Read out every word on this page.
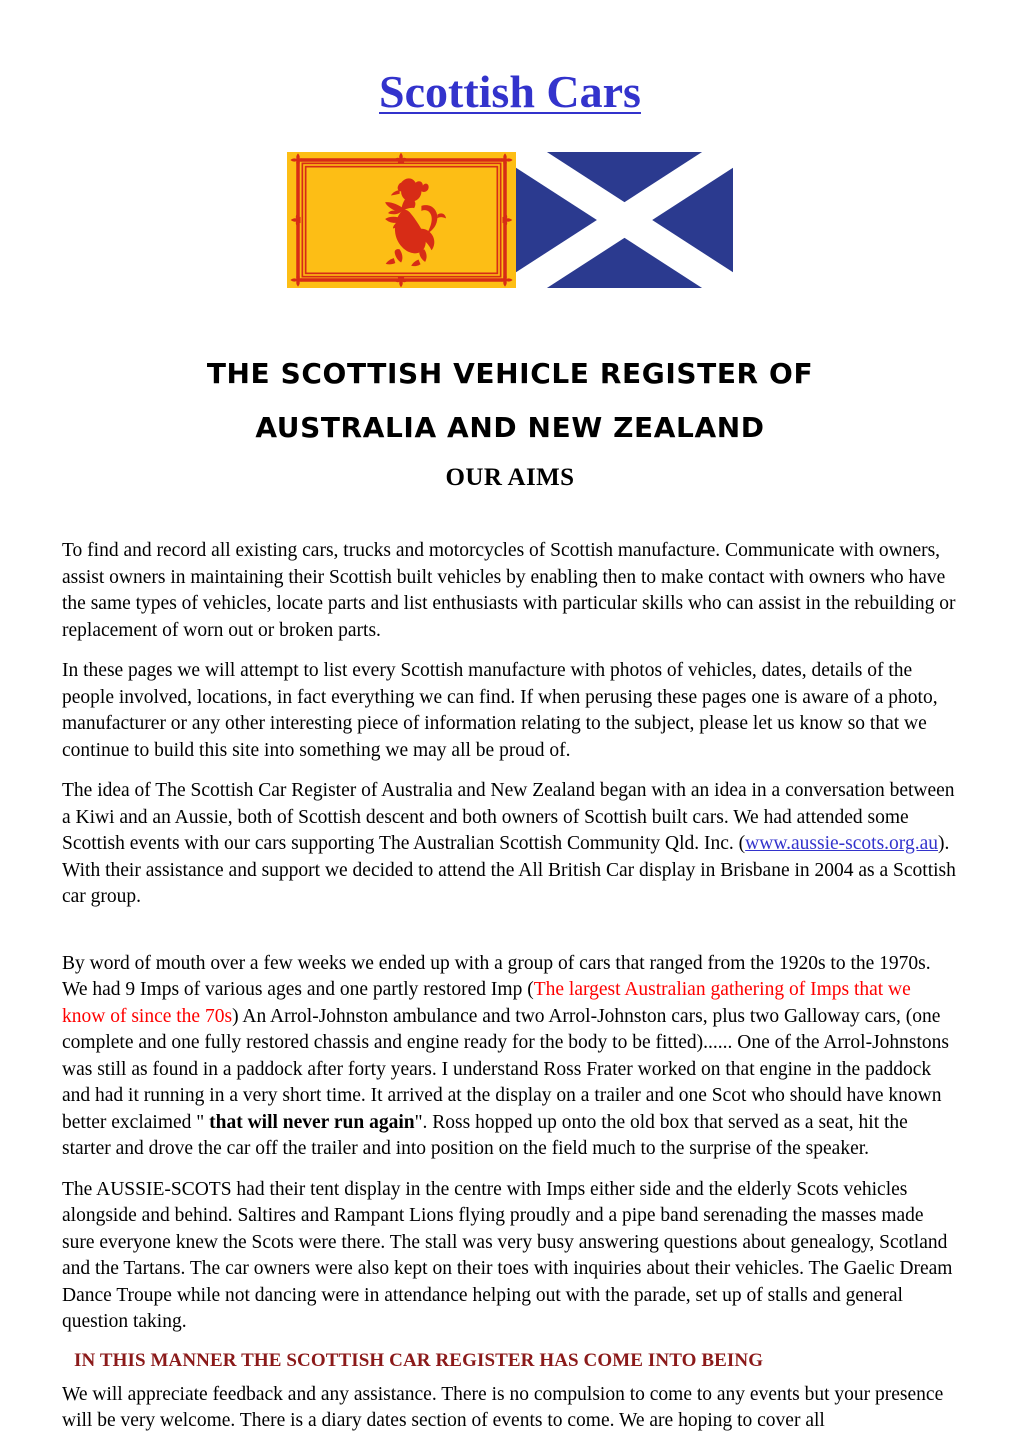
Scottish Cars
THE SCOTTISH VEHICLE REGISTER OF
AUSTRALIA AND NEW ZEALAND
OUR AIMS

To find and record all existing cars, trucks and motorcycles of Scottish manufacture. Communicate with owners, assist owners in maintaining their Scottish built vehicles by enabling then to make contact with owners who have the same types of vehicles, locate parts and list enthusiasts with particular skills who can assist in the rebuilding or replacement of worn out or broken parts.

In these pages we will attempt to list every Scottish manufacture with photos of vehicles, dates, details of the people involved, locations, in fact everything we can find. If when perusing these pages one is aware of a photo, manufacturer or any other interesting piece of information relating to the subject, please let us know so that we continue to build this site into something we may all be proud of.

The idea of The Scottish Car Register of Australia and New Zealand began with an idea in a conversation between a Kiwi and an Aussie, both of Scottish descent and both owners of Scottish built cars. We had attended some Scottish events with our cars supporting The Australian Scottish Community Qld. Inc. (www.aussie-scots.org.au). With their assistance and support we decided to attend the All British Car display in Brisbane in 2004 as a Scottish car group.

By word of mouth over a few weeks we ended up with a group of cars that ranged from the 1920s to the 1970s. We had 9 Imps of various ages and one partly restored Imp (The largest Australian gathering of Imps that we know of since the 70s) An Arrol-Johnston ambulance and two Arrol-Johnston cars, plus two Galloway cars, (one complete and one fully restored chassis and engine ready for the body to be fitted)...... One of the Arrol-Johnstons was still as found in a paddock after forty years. I understand Ross Frater worked on that engine in the paddock and had it running in a very short time. It arrived at the display on a trailer and one Scot who should have known better exclaimed " that will never run again". Ross hopped up onto the old box that served as a seat, hit the starter and drove the car off the trailer and into position on the field much to the surprise of the speaker.

The AUSSIE-SCOTS had their tent display in the centre with Imps either side and the elderly Scots vehicles alongside and behind. Saltires and Rampant Lions flying proudly and a pipe band serenading the masses made sure everyone knew the Scots were there. The stall was very busy answering questions about genealogy, Scotland and the Tartans. The car owners were also kept on their toes with inquiries about their vehicles. The Gaelic Dream Dance Troupe while not dancing were in attendance helping out with the parade, set up of stalls and general question taking.

IN THIS MANNER THE SCOTTISH CAR REGISTER HAS COME INTO BEING

We will appreciate feedback and any assistance. There is no compulsion to come to any events but your presence will be very welcome. There is a diary dates section of events to come. We are hoping to cover all
